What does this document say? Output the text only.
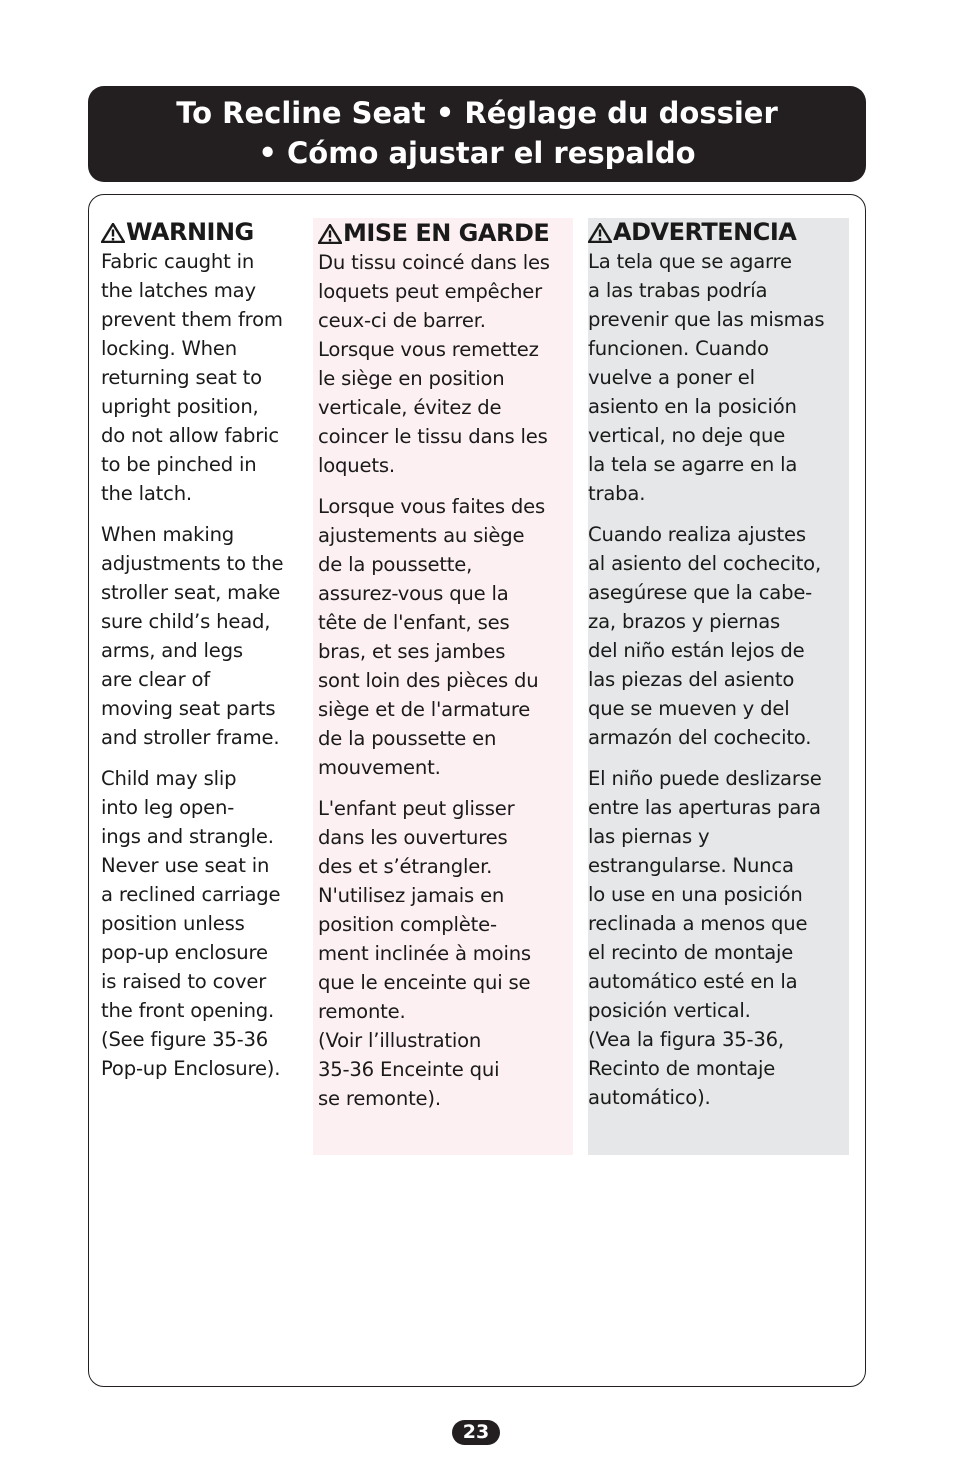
To Recline Seat • Réglage du dossier
• Cómo ajustar el respaldo
WARNING
Fabric caught in
the latches may
prevent them from
locking. When
returning seat to
upright position,
do not allow fabric
to be pinched in
the latch.
When making
adjustments to the
stroller seat, make
sure child’s head,
arms, and legs
are clear of
moving seat parts
and stroller frame.
Child may slip
into leg open-
ings and strangle.
Never use seat in
a reclined carriage
position unless
pop-up enclosure
is raised to cover
the front opening.
(See figure 35-36
Pop-up Enclosure).
MISE EN GARDE
Du tissu coincé dans les
loquets peut empêcher
ceux-ci de barrer.
Lorsque vous remettez
le siège en position
verticale, évitez de
coincer le tissu dans les
loquets.
Lorsque vous faites des
ajustements au siège
de la poussette,
assurez-vous que la
tête de l'enfant, ses
bras, et ses jambes
sont loin des pièces du
siège et de l'armature
de la poussette en
mouvement.
L'enfant peut glisser
dans les ouvertures
des et s’étrangler.
N'utilisez jamais en
position complète-
ment inclinée à moins
que le enceinte qui se
remonte.
(Voir l’illustration
35-36 Enceinte qui
se remonte).
ADVERTENCIA
La tela que se agarre
a las trabas podría
prevenir que las mismas
funcionen. Cuando
vuelve a poner el
asiento en la posición
vertical, no deje que
la tela se agarre en la
traba.
Cuando realiza ajustes
al asiento del cochecito,
asegúrese que la cabe-
za, brazos y piernas
del niño están lejos de
las piezas del asiento
que se mueven y del
armazón del cochecito.
El niño puede deslizarse
entre las aperturas para
las piernas y
estrangularse. Nunca
lo use en una posición
reclinada a menos que
el recinto de montaje
automático esté en la
posición vertical.
(Vea la figura 35-36,
Recinto de montaje
automático).
23
